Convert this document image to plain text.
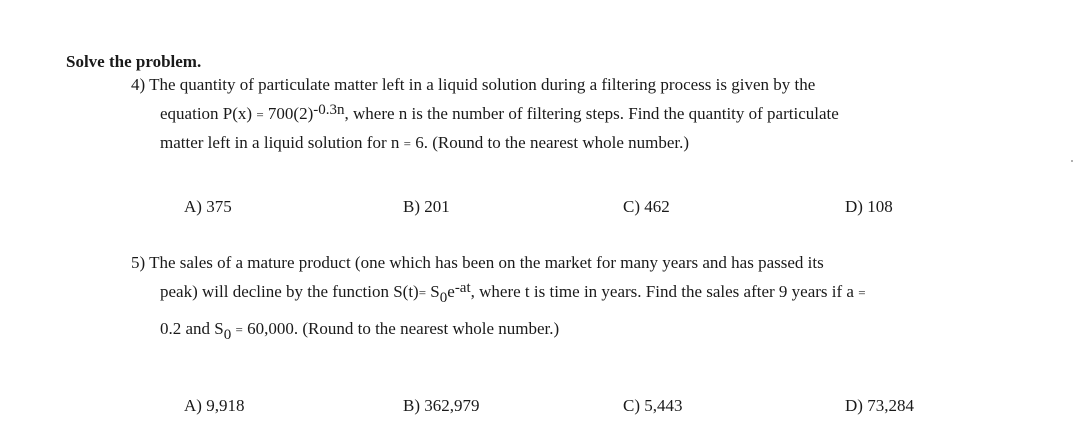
Solve the problem.
4) The quantity of particulate matter left in a liquid solution during a filtering process is given by the
equation $P(x) = 700(2)^{-0.3n}$, where n is the number of filtering steps. Find the quantity of particulate
matter left in a liquid solution for n = 6. (Round to the nearest whole number.)
A) 375	B) 201	C) 462	D) 108
5) The sales of a mature product (one which has been on the market for many years and has passed its
peak) will decline by the function $S(t)= S_0e^{-at}$, where t is time in years. Find the sales after 9 years if a =
0.2 and $S_0 = 60,000$. (Round to the nearest whole number.)
A) 9,918	B) 362,979	C) 5,443	D) 73,284
